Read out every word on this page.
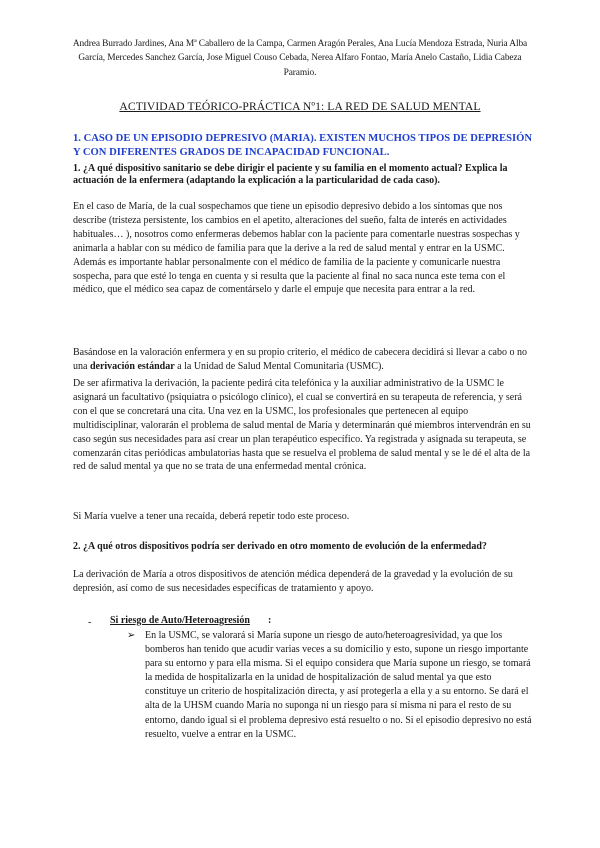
Andrea Burrado Jardines, Ana Mª Caballero de la Campa, Carmen Aragón Perales, Ana Lucía Mendoza Estrada, Nuria Alba García, Mercedes Sanchez García, Jose Miguel Couso Cebada, Nerea Alfaro Fontao, María Anelo Castaño, Lidia Cabeza Paramio.
ACTIVIDAD TEÓRICO-PRÁCTICA Nº1: LA RED DE SALUD MENTAL
1. CASO DE UN EPISODIO DEPRESIVO (MARIA). EXISTEN MUCHOS TIPOS DE DEPRESIÓN Y CON DIFERENTES GRADOS DE INCAPACIDAD FUNCIONAL.
1. ¿A qué dispositivo sanitario se debe dirigir el paciente y su familia en el momento actual? Explica la actuación de la enfermera (adaptando la explicación a la particularidad de cada caso).
En el caso de María, de la cual sospechamos que tiene un episodio depresivo debido a los síntomas que nos describe (tristeza persistente, los cambios en el apetito, alteraciones del sueño, falta de interés en actividades habituales… ), nosotros como enfermeras debemos hablar con la paciente para comentarle nuestras sospechas y animarla a hablar con su médico de familia para que la derive a la red de salud mental y entrar en la USMC. Además es importante hablar personalmente con el médico de familia de la paciente y comunicarle nuestra sospecha, para que esté lo tenga en cuenta y si resulta que la paciente al final no saca nunca este tema con el médico, que el médico sea capaz de comentárselo y darle el empuje que necesita para entrar a la red.
Basándose en la valoración enfermera y en su propio criterio, el médico de cabecera decidirá si llevar a cabo o no una derivación estándar a la Unidad de Salud Mental Comunitaria (USMC).
De ser afirmativa la derivación, la paciente pedirá cita telefónica y la auxiliar administrativo de la USMC le asignará un facultativo (psiquiatra o psicólogo clínico), el cual se convertirá en su terapeuta de referencia, y será con el que se concretará una cita. Una vez en la USMC, los profesionales que pertenecen al equipo multidisciplinar, valorarán el problema de salud mental de María y determinarán qué miembros intervendrán en su caso según sus necesidades para así crear un plan terapéutico específico. Ya registrada y asignada su terapeuta, se comenzarán citas periódicas ambulatorias hasta que se resuelva el problema de salud mental y se le dé el alta de la red de salud mental ya que no se trata de una enfermedad mental crónica.
Si María vuelve a tener una recaída, deberá repetir todo este proceso.
2. ¿A qué otros dispositivos podría ser derivado en otro momento de evolución de la enfermedad?
La derivación de María a otros dispositivos de atención médica dependerá de la gravedad y la evolución de su depresión, así como de sus necesidades específicas de tratamiento y apoyo.
- Si riesgo de Auto/Heteroagresión :
➢ En la USMC, se valorará si María supone un riesgo de auto/heteroagresividad, ya que los bomberos han tenido que acudir varias veces a su domicilio y esto, supone un riesgo importante para su entorno y para ella misma. Si el equipo considera que María supone un riesgo, se tomará la medida de hospitalizarla en la unidad de hospitalización de salud mental ya que esto constituye un criterio de hospitalización directa, y así protegerla a ella y a su entorno. Se dará el alta de la UHSM cuando María no suponga ni un riesgo para sí misma ni para el resto de su entorno, dando igual si el problema depresivo está resuelto o no. Si el episodio depresivo no está resuelto, vuelve a entrar en la USMC.
